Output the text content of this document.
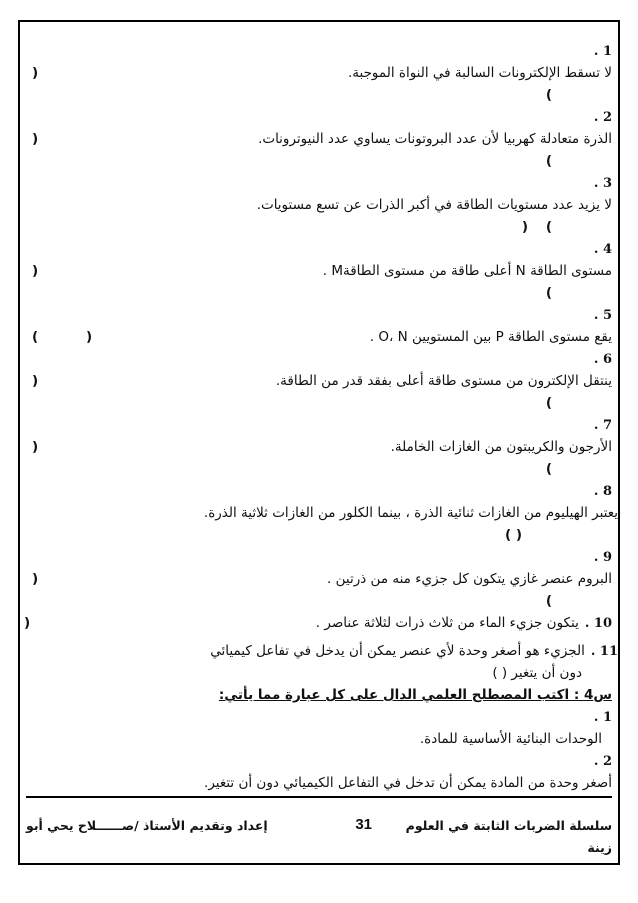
1 .
لا تسقط الإلكترونات السالبة في النواة الموجبة.
(
)
2 .
الذرة متعادلة كهربيا لأن عدد البروتونات يساوي عدد النيوترونات.
(
)
3 .
لا يزيد عدد مستويات الطاقة في أكبر الذرات عن تسع مستويات.
)
(
4 .
مستوى الطاقة N أعلى طاقة من مستوى الطاقةM .
(
)
5 .
يقع مستوى الطاقة P بين المستويين O، N .
(
)
6 .
ينتقل الإلكترون من مستوى طاقة أعلى بفقد قدر من الطاقة.
(
)
7 .
الأرجون والكريبتون من الغازات الخاملة.
(
)
8 .
يعتبر الهيليوم من الغازات ثنائية الذرة ، بينما الكلور من الغازات ثلاثية الذرة.
( )
9 .
البروم عنصر غازي يتكون كل جزيء منه من ذرتين .
(
)
10 .يتكون جزيء الماء من ثلاث ذرات لثلاثة عناصر .
(
11 .الجزيء هو أصغر وحدة لأي عنصر يمكن أن يدخل في تفاعل كيميائي
دون أن يتغير ( )
س4 : اكتب المصطلح العلمي الدال على كل عبارة مما يأتي:
1 .
الوحدات البنائية الأساسية للمادة.
2 .
أصغر وحدة من المادة يمكن أن تدخل في التفاعل الكيميائي دون أن تتغير.
سلسلة الضربات الثابتة في العلوم
31
إعداد وتقديم الأستاذ /صــــــلاح يحي أبو
زينة
